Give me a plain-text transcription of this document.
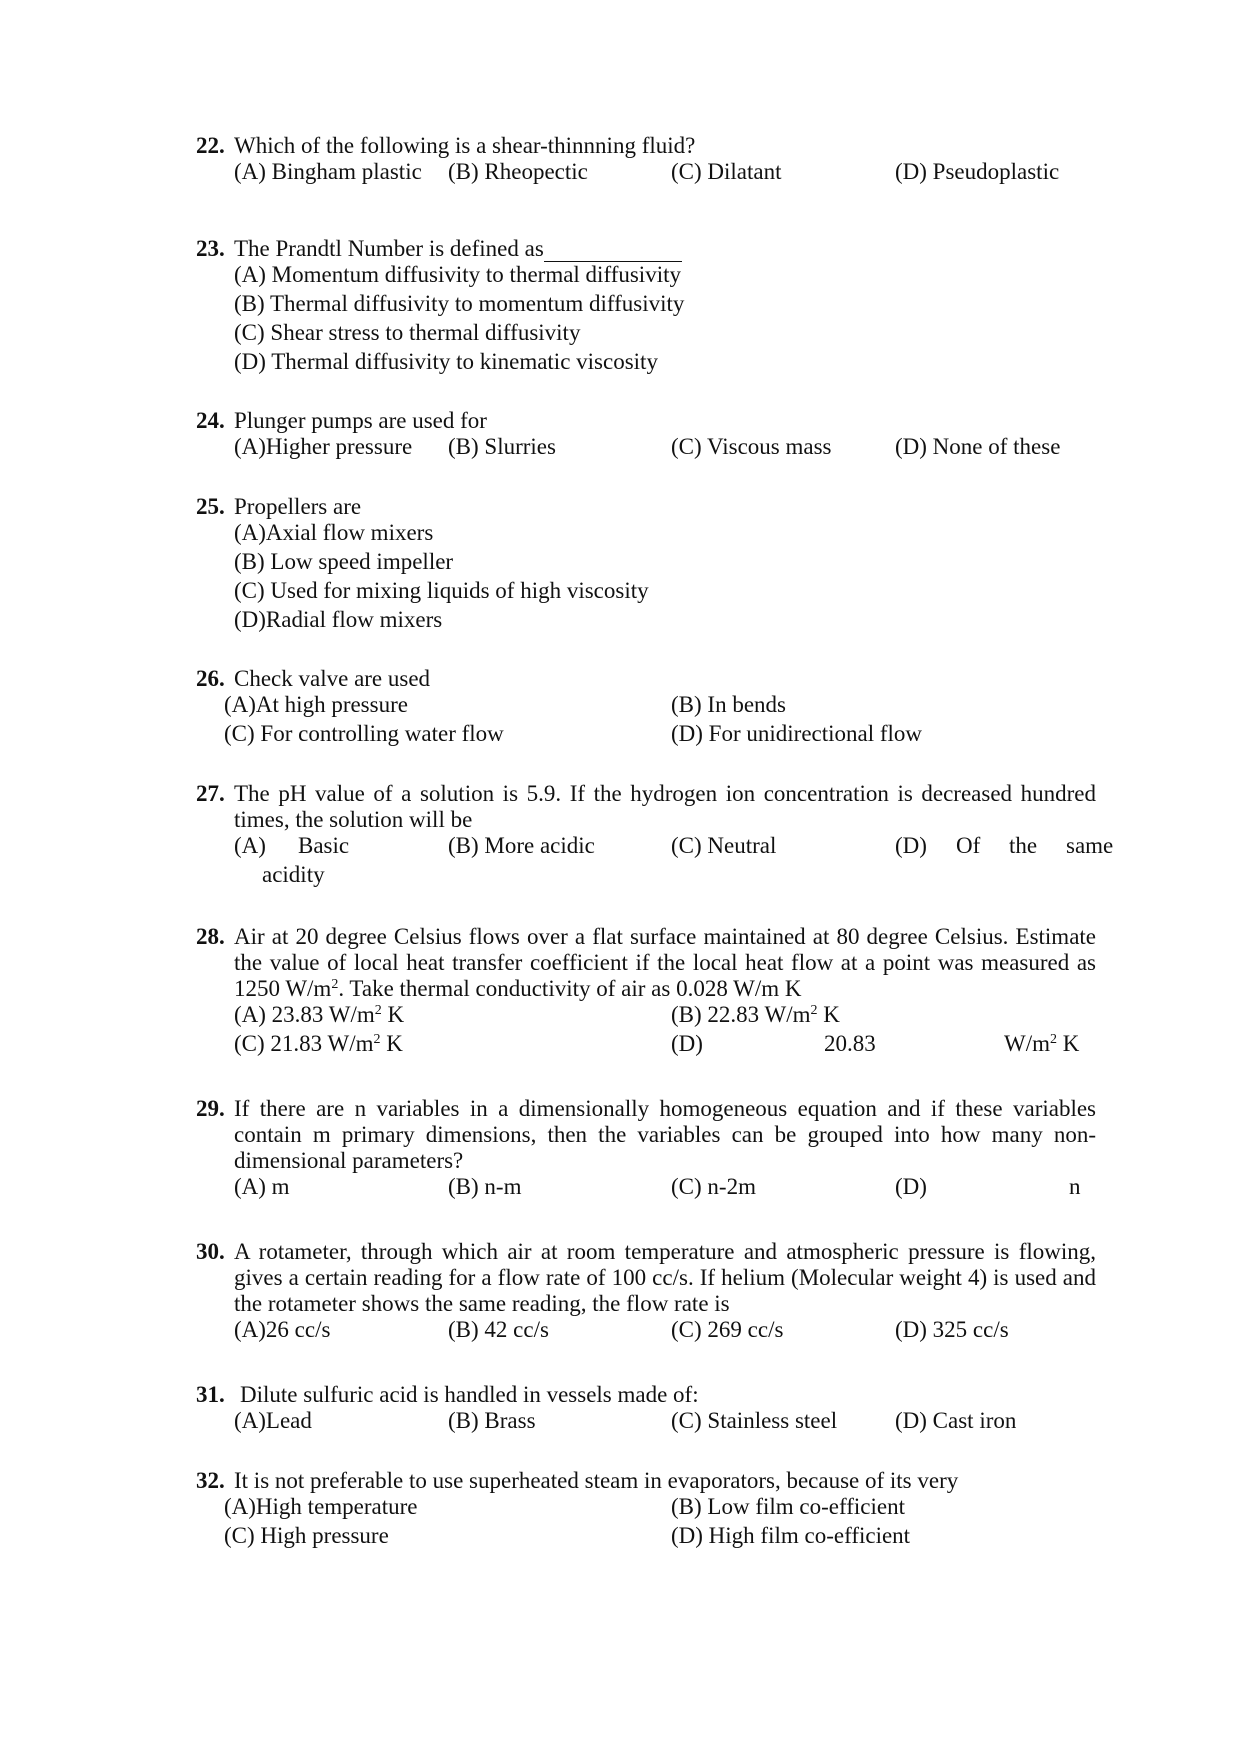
22. Which of the following is a shear-thinnning fluid?
(A) Bingham plastic (B) Rheopectic	(C) Dilatant	(D) Pseudoplastic
23. The Prandtl Number is defined as
(A) Momentum diffusivity to thermal diffusivity
(B) Thermal diffusivity to momentum diffusivity
(C) Shear stress to thermal diffusivity
(D) Thermal diffusivity to kinematic viscosity
24. Plunger pumps are used for
(A)Higher pressure (B) Slurries	(C) Viscous mass	(D) None of these
25. Propellers are
(A)Axial flow mixers
(B) Low speed impeller
(C) Used for mixing liquids of high viscosity
(D)Radial flow mixers
26. Check valve are used
(A)At high pressure	(B) In bends
(C) For controlling water flow	(D) For unidirectional flow
27. The pH value of a solution is 5.9. If the hydrogen ion concentration is decreased hundred times, the solution will be
(A) Basic	(B) More acidic	(C) Neutral	(D) Of the same
acidity
28. Air at 20 degree Celsius flows over a flat surface maintained at 80 degree Celsius. Estimate the value of local heat transfer coefficient if the local heat flow at a point was measured as 1250 $W/m^2$. Take thermal conductivity of air as 0.028 W/m K
(A) 23.83 $W/m^2$ K	(B) 22.83 $W/m^2$ K
(C) 21.83 $W/m^2$ K	(D)	20.83	$W/m^2$ K
29. If there are n variables in a dimensionally homogeneous equation and if these variables contain m primary dimensions, then the variables can be grouped into how many non-dimensional parameters?
(A) m	(B) n-m	(C) n-2m	(D)	n
30. A rotameter, through which air at room temperature and atmospheric pressure is flowing, gives a certain reading for a flow rate of 100 cc/s. If helium (Molecular weight 4) is used and the rotameter shows the same reading, the flow rate is
(A)26 cc/s	(B) 42 cc/s	(C) 269 cc/s	(D) 325 cc/s
31. Dilute sulfuric acid is handled in vessels made of:
(A)Lead	(B) Brass	(C) Stainless steel	(D) Cast iron
32. It is not preferable to use superheated steam in evaporators, because of its very
(A)High temperature	(B) Low film co-efficient
(C) High pressure	(D) High film co-efficient
